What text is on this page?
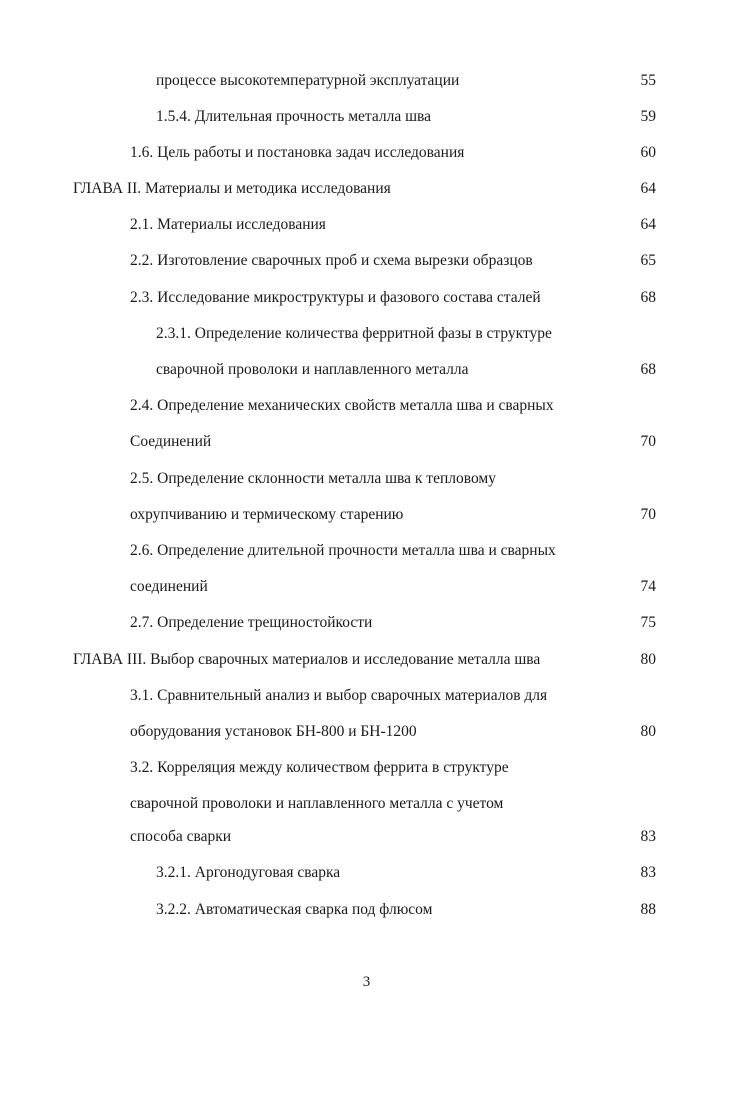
процессе высокотемпературной эксплуатации	55
1.5.4. Длительная прочность металла шва	59
1.6. Цель работы и постановка задач исследования	60
ГЛАВА II. Материалы и методика исследования	64
2.1. Материалы исследования	64
2.2. Изготовление сварочных проб и схема вырезки образцов	65
2.3. Исследование микроструктуры и фазового состава сталей	68
2.3.1. Определение количества ферритной фазы в структуре
сварочной проволоки и наплавленного металла	68
2.4. Определение механических свойств металла шва и сварных
Соединений	70
2.5. Определение склонности металла шва к тепловому
охрупчиванию и термическому старению	70
2.6. Определение длительной прочности металла шва и сварных
соединений	74
2.7. Определение трещиностойкости	75
ГЛАВА III. Выбор сварочных материалов и исследование металла шва	80
3.1. Сравнительный анализ и выбор сварочных материалов для
оборудования установок БН-800 и БН-1200	80
3.2. Корреляция между количеством феррита в структуре
сварочной проволоки и наплавленного металла с учетом
способа сварки	83
3.2.1. Аргонодуговая сварка	83
3.2.2. Автоматическая сварка под флюсом	88
3
